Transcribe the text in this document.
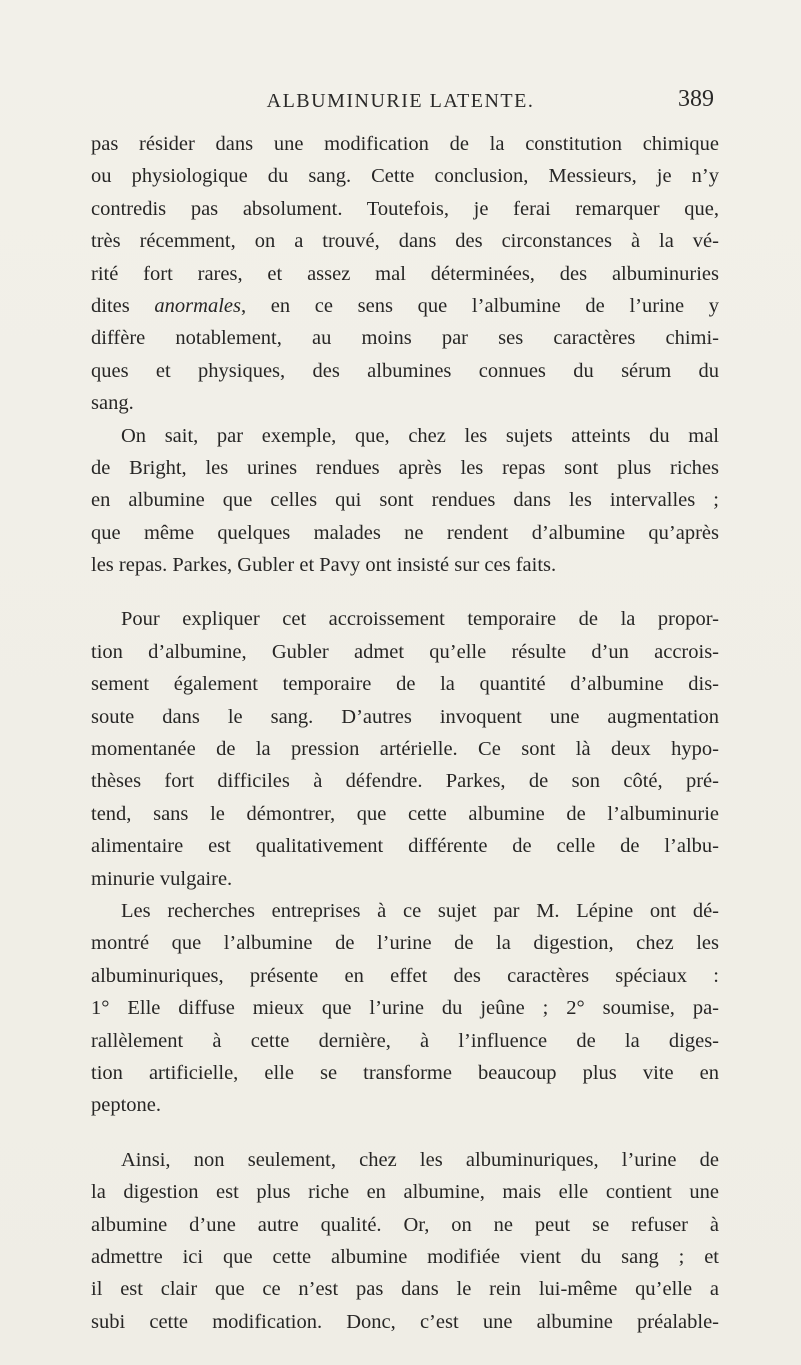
ALBUMINURIE LATENTE.	389
pas résider dans une modification de la constitution chimique
ou physiologique du sang. Cette conclusion, Messieurs, je n’y
contredis pas absolument. Toutefois, je ferai remarquer que,
très récemment, on a trouvé, dans des circonstances à la vé-
rité fort rares, et assez mal déterminées, des albuminuries
dites anormales, en ce sens que l’albumine de l’urine y
diffère notablement, au moins par ses caractères chimi-
ques et physiques, des albumines connues du sérum du
sang.
On sait, par exemple, que, chez les sujets atteints du mal
de Bright, les urines rendues après les repas sont plus riches
en albumine que celles qui sont rendues dans les intervalles ;
que même quelques malades ne rendent d’albumine qu’après
les repas. Parkes, Gubler et Pavy ont insisté sur ces faits.
Pour expliquer cet accroissement temporaire de la propor-
tion d’albumine, Gubler admet qu’elle résulte d’un accrois-
sement également temporaire de la quantité d’albumine dis-
soute dans le sang. D’autres invoquent une augmentation
momentanée de la pression artérielle. Ce sont là deux hypo-
thèses fort difficiles à défendre. Parkes, de son côté, pré-
tend, sans le démontrer, que cette albumine de l’albuminurie
alimentaire est qualitativement différente de celle de l’albu-
minurie vulgaire.
Les recherches entreprises à ce sujet par M. Lépine ont dé-
montré que l’albumine de l’urine de la digestion, chez les
albuminuriques, présente en effet des caractères spéciaux :
1° Elle diffuse mieux que l’urine du jeûne ; 2° soumise, pa-
rallèlement à cette dernière, à l’influence de la diges-
tion artificielle, elle se transforme beaucoup plus vite en
peptone.
Ainsi, non seulement, chez les albuminuriques, l’urine de
la digestion est plus riche en albumine, mais elle contient une
albumine d’une autre qualité. Or, on ne peut se refuser à
admettre ici que cette albumine modifiée vient du sang ; et
il est clair que ce n’est pas dans le rein lui-même qu’elle a
subi cette modification. Donc, c’est une albumine préalable-
